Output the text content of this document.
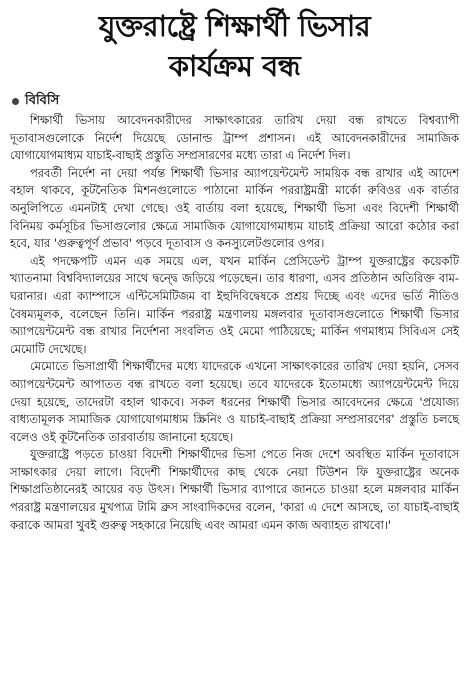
যুক্তরাষ্ট্রে শিক্ষার্থী ভিসার
কার্যক্রম বন্ধ
বিবিসি

শিক্ষার্থী ভিসায় আবেদনকারীদের সাক্ষাৎকারের তারিখ দেয়া বন্ধ রাখতে বিশ্বব্যাপী দূতাবাসগুলোকে নির্দেশ দিয়েছে ডোনাল্ড ট্রাম্প প্রশাসন। এই আবেদনকারীদের সামাজিক যোগাযোগমাধ্যম যাচাই-বাছাই প্রস্তুতি সম্প্রসারণের মধ্যে তারা এ নির্দেশ দিল।

পরবর্তী নির্দেশ না দেয়া পর্যন্ত শিক্ষার্থী ভিসার অ্যাপয়েন্টমেন্ট সাময়িক বন্ধ রাখার এই আদেশ বহাল থাকবে, কূটনৈতিক মিশনগুলোতে পাঠানো মার্কিন পররাষ্ট্রমন্ত্রী মার্কো রুবিওর এক বার্তার অনুলিপিতে এমনটাই দেখা গেছে। ওই বার্তায় বলা হয়েছে, শিক্ষার্থী ভিসা এবং বিদেশী শিক্ষার্থী বিনিময় কর্মসূচির ভিসাগুলোর ক্ষেত্রে সামাজিক যোগাযোগমাধ্যম যাচাই প্রক্রিয়া আরো কঠোর করা হবে, যার 'গুরুত্বপূর্ণ প্রভাব' পড়বে দূতাবাস ও কনস্যুলেটগুলোর ওপর।

এই পদক্ষেপটি এমন এক সময়ে এল, যখন মার্কিন প্রেসিডেন্ট ট্রাম্প যুক্তরাষ্ট্রের কয়েকটি খ্যাতনামা বিশ্ববিদ্যালয়ের সাথে দ্বন্দ্বে জড়িয়ে পড়েছেন। তার ধারণা, এসব প্রতিষ্ঠান অতিরিক্ত বাম-ঘরানার। এরা ক্যাম্পাসে এন্টিসেমিটিজম বা ইহুদিবিদ্বেষকে প্রশ্রয় দিচ্ছে এবং এদের ভর্তি নীতিও বৈষম্যমূলক, বলেছেন তিনি। মার্কিন পররাষ্ট্র মন্ত্রণালয় মঙ্গলবার দূতাবাসগুলোতে শিক্ষার্থী ভিসার অ্যাপয়েন্টমেন্ট বন্ধ রাখার নির্দেশনা সংবলিত ওই মেমো পাঠিয়েছে; মার্কিন গণমাধ্যম সিবিএস সেই মেমোটি দেখেছে।

মেমোতে ভিসাপ্রার্থী শিক্ষার্থীদের মধ্যে যাদেরকে এখনো সাক্ষাৎকারের তারিখ দেয়া হয়নি, সেসব অ্যাপয়েন্টমেন্ট আপাতত বন্ধ রাখতে বলা হয়েছে। তবে যাদেরকে ইতোমধ্যে অ্যাপয়েন্টমেন্ট দিয়ে দেয়া হয়েছে, তাদেরটা বহাল থাকবে। সকল ধরনের শিক্ষার্থী ভিসার আবেদনের ক্ষেত্রে 'প্রযোজ্য বাধ্যতামূলক সামাজিক যোগাযোগমাধ্যম স্ক্রিনিং ও যাচাই-বাছাই প্রক্রিয়া সম্প্রসারণের' প্রস্তুতি চলছে বলেও ওই কূটনৈতিক তারবার্তায় জানানো হয়েছে।

যুক্তরাষ্ট্রে পড়তে চাওয়া বিদেশী শিক্ষার্থীদের ভিসা পেতে নিজ দেশে অবস্থিত মার্কিন দূতাবাসে সাক্ষাৎকার দেয়া লাগে। বিদেশী শিক্ষার্থীদের কাছ থেকে নেয়া টিউশন ফি যুক্তরাষ্ট্রের অনেক শিক্ষাপ্রতিষ্ঠানেরই আয়ের বড় উৎস। শিক্ষার্থী ভিসার ব্যাপারে জানতে চাওয়া হলে মঙ্গলবার মার্কিন পররাষ্ট্র মন্ত্রণালয়ের মুখপাত্র টামি ব্রুস সাংবাদিকদের বলেন, 'কারা এ দেশে আসছে, তা যাচাই-বাছাই করাকে আমরা খুবই গুরুত্ব সহকারে নিয়েছি এবং আমরা এমন কাজ অব্যাহত রাখবো।'
